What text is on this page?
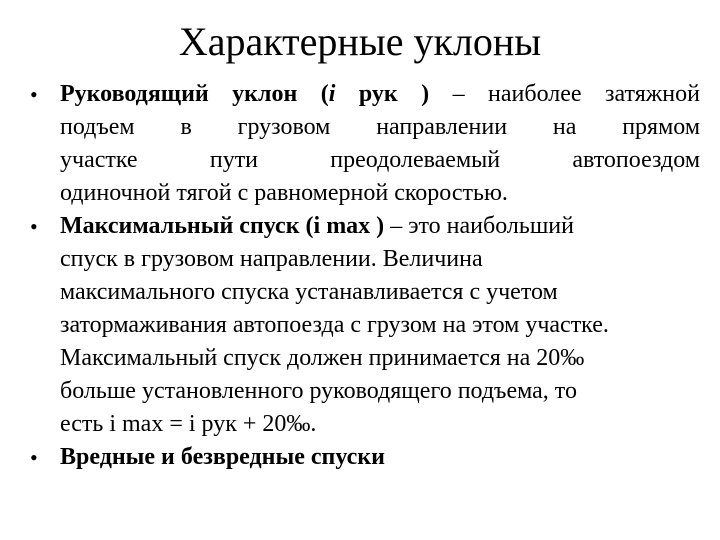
Характерные уклоны
• Руководящий уклон (i рук ) – наиболее затяжной
подъем в грузовом направлении на прямом
участке пути преодолеваемый автопоездом
одиночной тягой с равномерной скоростью.
• Максимальный спуск (i max ) – это наибольший
спуск в грузовом направлении. Величина
максимального спуска устанавливается с учетом
затормаживания автопоезда с грузом на этом участке.
Максимальный спуск должен принимается на 20‰
больше установленного руководящего подъема, то
есть i max = i рук + 20‰.
• Вредные и безвредные спуски
